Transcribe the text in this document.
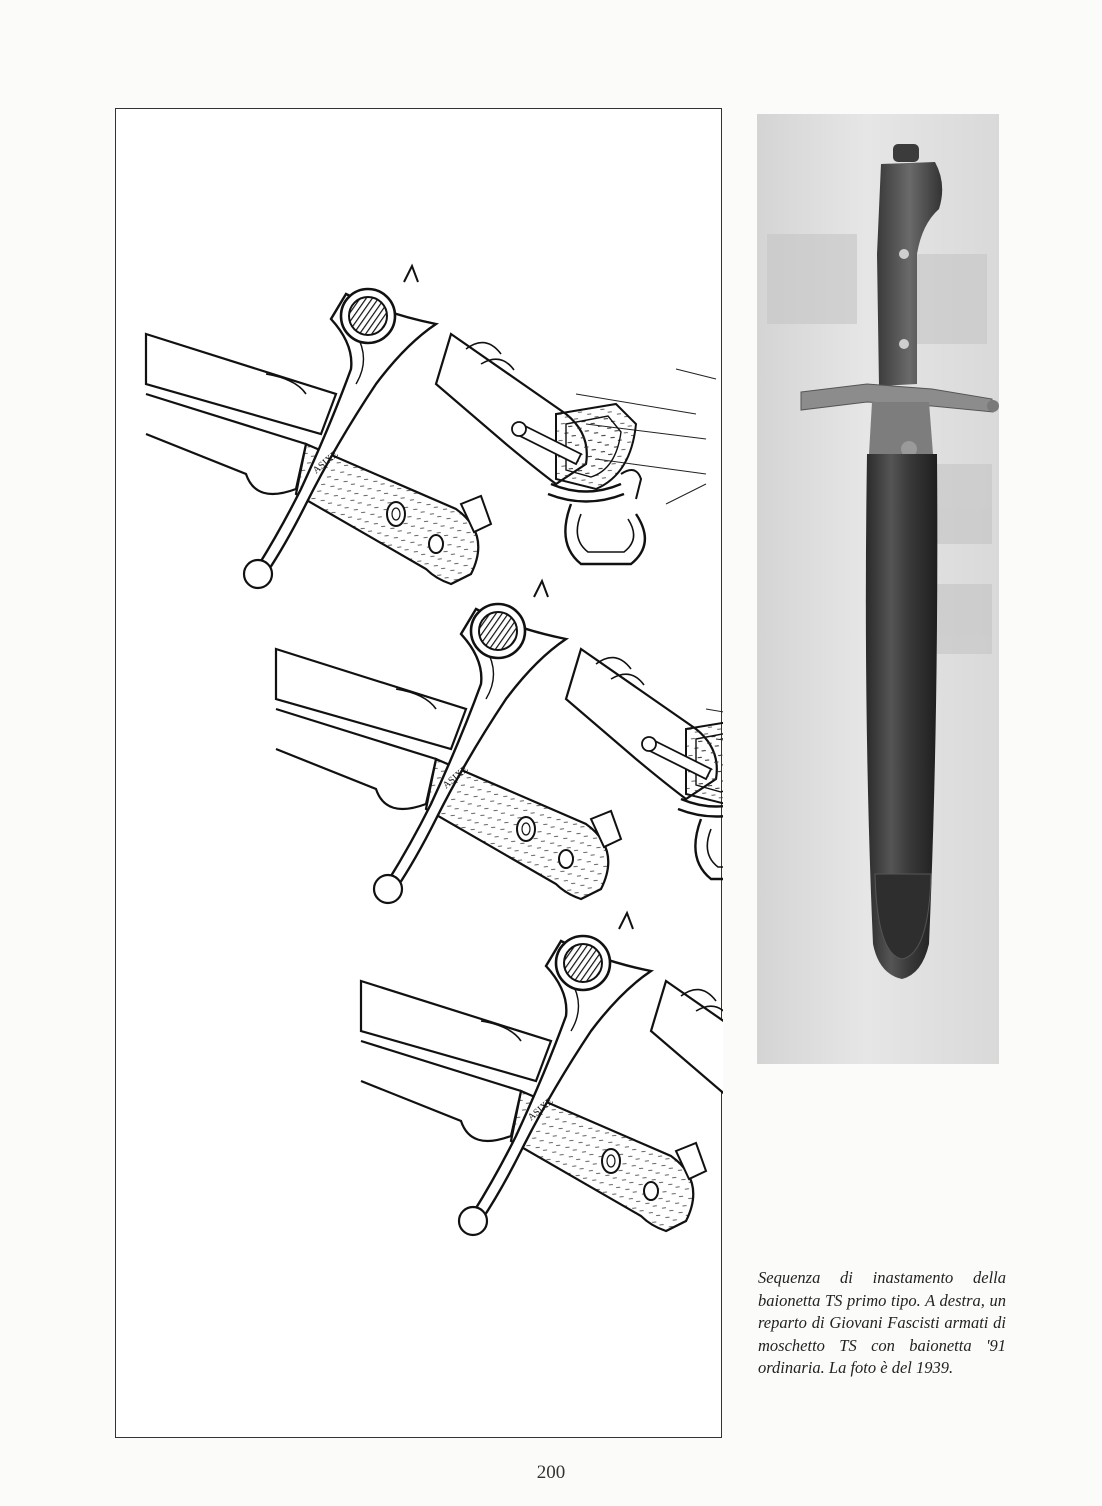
ASIXE
Sequenza di inastamento della baionetta TS primo tipo. A destra, un reparto di Giovani Fascisti armati di moschetto TS con baionetta '91 ordinaria. La foto è del 1939.
200
